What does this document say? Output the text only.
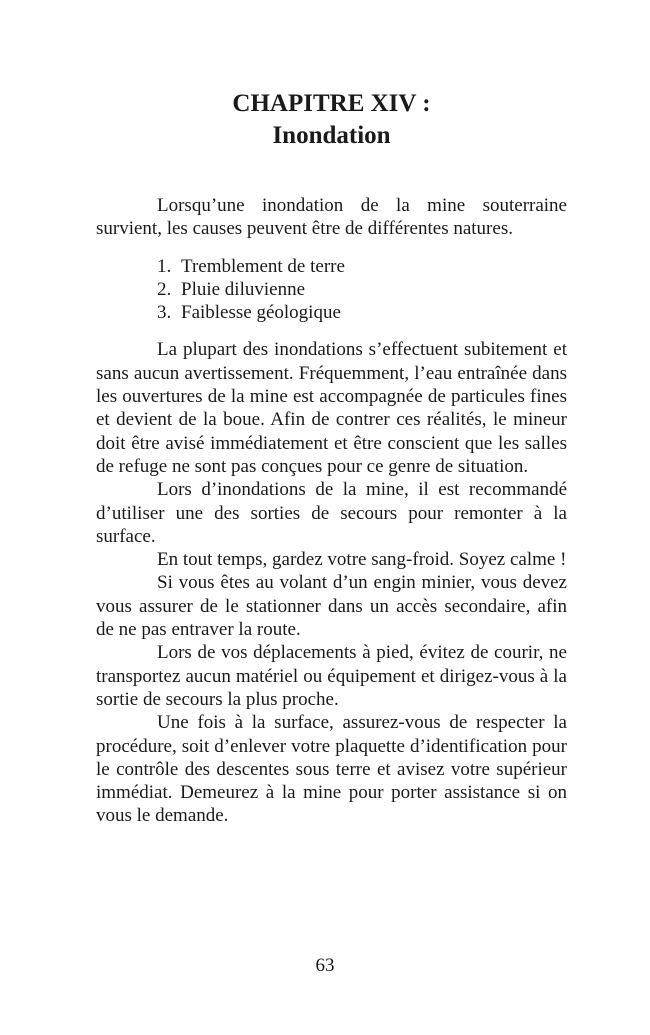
CHAPITRE XIV :
Inondation

Lorsqu’une inondation de la mine souterraine survient, les causes peuvent être de différentes natures.

1. Tremblement de terre
2. Pluie diluvienne
3. Faiblesse géologique

La plupart des inondations s’effectuent subitement et sans aucun avertissement. Fréquemment, l’eau entraînée dans les ouvertures de la mine est accompagnée de particules fines et devient de la boue. Afin de contrer ces réalités, le mineur doit être avisé immédiatement et être conscient que les salles de refuge ne sont pas conçues pour ce genre de situation.

Lors d’inondations de la mine, il est recommandé d’utiliser une des sorties de secours pour remonter à la surface.

En tout temps, gardez votre sang-froid. Soyez calme !

Si vous êtes au volant d’un engin minier, vous devez vous assurer de le stationner dans un accès secondaire, afin de ne pas entraver la route.

Lors de vos déplacements à pied, évitez de courir, ne transportez aucun matériel ou équipement et dirigez-vous à la sortie de secours la plus proche.

Une fois à la surface, assurez-vous de respecter la procédure, soit d’enlever votre plaquette d’identification pour le contrôle des descentes sous terre et avisez votre supérieur immédiat. Demeurez à la mine pour porter assistance si on vous le demande.

63
